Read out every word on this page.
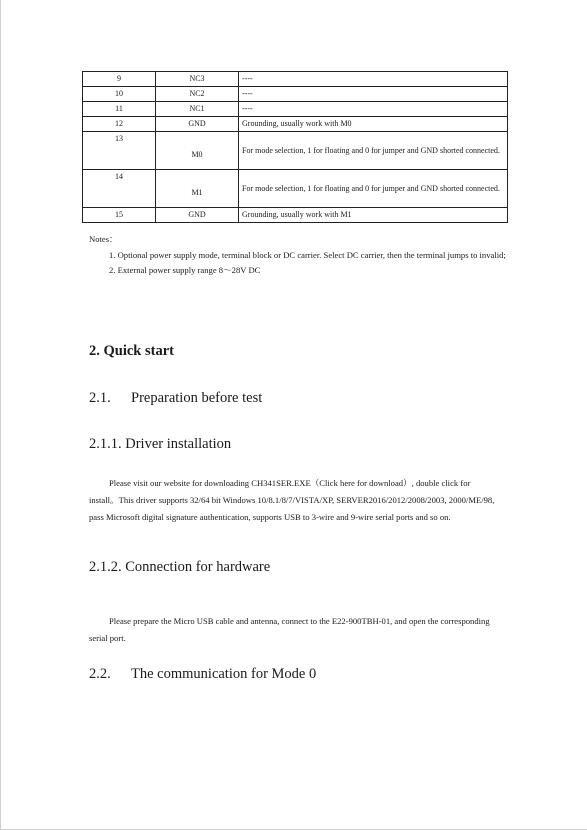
9	NC3	----
10	NC2	----
11	NC1	----
12	GND	Grounding, usually work with M0
13	M0	For mode selection, 1 for floating and 0 for jumper and GND shorted connected.
14	M1	For mode selection, 1 for floating and 0 for jumper and GND shorted connected.
15	GND	Grounding, usually work with M1

Notes：

1. Optional power supply mode, terminal block or DC carrier. Select DC carrier, then the terminal jumps to invalid;

2. External power supply range 8～28V DC

2. Quick start
2.1. Preparation before test
2.1.1. Driver installation

Please visit our website for downloading CH341SER.EXE（Click here for download）, double click for install。This driver supports 32/64 bit Windows 10/8.1/8/7/VISTA/XP, SERVER2016/2012/2008/2003, 2000/ME/98, pass Microsoft digital signature authentication, supports USB to 3-wire and 9-wire serial ports and so on.

2.1.2. Connection for hardware

Please prepare the Micro USB cable and antenna, connect to the E22-900TBH-01, and open the corresponding serial port.

2.2. The communication for Mode 0
